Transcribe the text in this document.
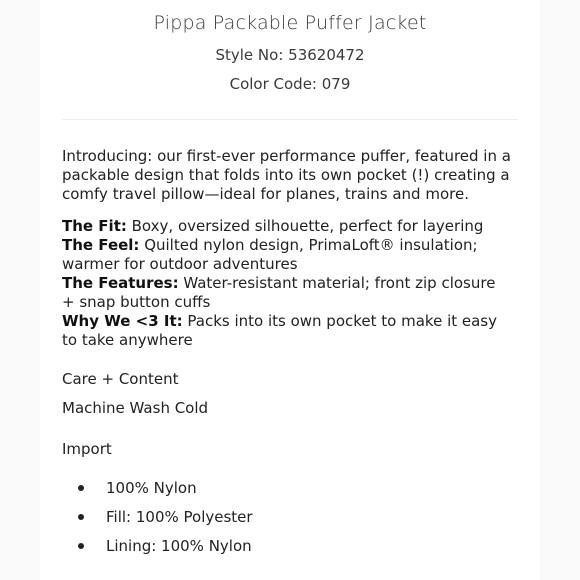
Pippa Packable Puffer Jacket
Style No: 53620472
Color Code: 079

Introducing: our first-ever performance puffer, featured in a packable design that folds into its own pocket (!) creating a comfy travel pillow—ideal for planes, trains and more.

The Fit: Boxy, oversized silhouette, perfect for layering

The Feel: Quilted nylon design, PrimaLoft® insulation; warmer for outdoor adventures

The Features: Water-resistant material; front zip closure + snap button cuffs

Why We <3 It: Packs into its own pocket to make it easy to take anywhere

Care + Content

Machine Wash Cold

Import

100% Nylon
Fill: 100% Polyester
Lining: 100% Nylon
